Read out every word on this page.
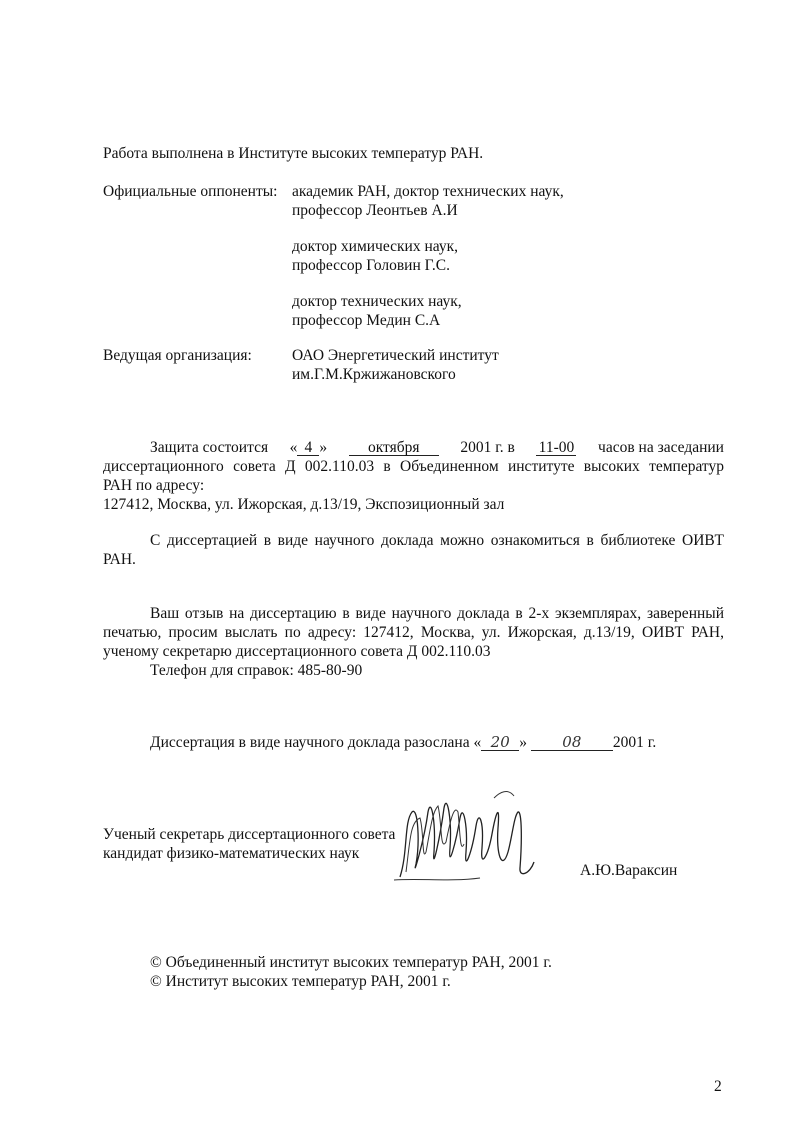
Работа выполнена в Институте высоких температур РАН.
Официальные оппоненты: академик РАН, доктор технических наук,
профессор Леонтьев А.И
доктор химических наук,
профессор Головин Г.С.
доктор технических наук,
профессор Медин С.А
Ведущая организация:	ОАО Энергетический институт
им.Г.М.Кржижановского
Защита состоится « 4 »	октября	2001 г. в 11-00 часов на заседании
диссертационного совета Д 002.110.03 в Объединенном институте высоких температур
РАН по адресу:
127412, Москва, ул. Ижорская, д.13/19, Экспозиционный зал
С диссертацией в виде научного доклада можно ознакомиться в библиотеке ОИВТ
РАН.
Ваш отзыв на диссертацию в виде научного доклада в 2-х экземплярах, заверенный
печатью, просим выслать по адресу: 127412, Москва, ул. Ижорская, д.13/19, ОИВТ РАН,
ученому секретарю диссертационного совета Д 002.110.03
Телефон для справок: 485-80-90
Диссертация в виде научного доклада разослана « 20 » 08 2001 г.
Ученый секретарь диссертационного совета
кандидат физико-математических наук
А.Ю.Вараксин
© Объединенный институт высоких температур РАН, 2001 г.
© Институт высоких температур РАН, 2001 г.
2
